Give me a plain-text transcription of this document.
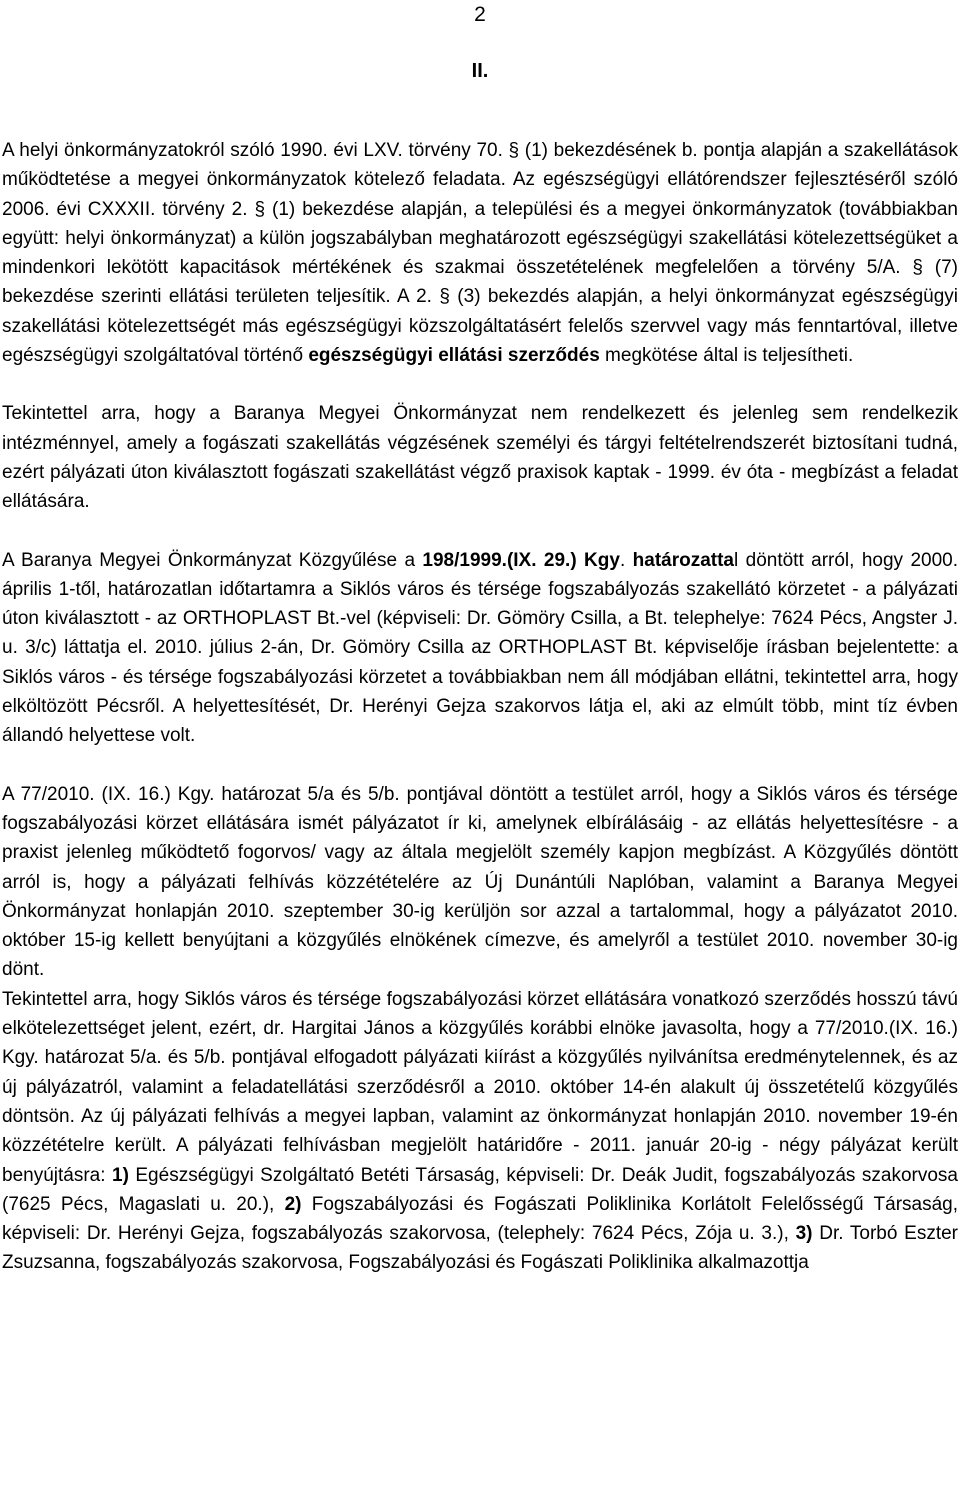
2
II.

A helyi önkormányzatokról szóló 1990. évi LXV. törvény 70. § (1) bekezdésének b. pontja alapján a szakellátások működtetése a megyei önkormányzatok kötelező feladata. Az egészségügyi ellátórendszer fejlesztéséről szóló 2006. évi CXXXII. törvény 2. § (1) bekezdése alapján, a települési és a megyei önkormányzatok (továbbiakban együtt: helyi önkormányzat) a külön jogszabályban meghatározott egészségügyi szakellátási kötelezettségüket a mindenkori lekötött kapacitások mértékének és szakmai összetételének megfelelően a törvény 5/A. § (7) bekezdése szerinti ellátási területen teljesítik. A 2. § (3) bekezdés alapján, a helyi önkormányzat egészségügyi szakellátási kötelezettségét más egészségügyi közszolgáltatásért felelős szervvel vagy más fenntartóval, illetve egészségügyi szolgáltatóval történő egészségügyi ellátási szerződés megkötése által is teljesítheti.

Tekintettel arra, hogy a Baranya Megyei Önkormányzat nem rendelkezett és jelenleg sem rendelkezik intézménnyel, amely a fogászati szakellátás végzésének személyi és tárgyi feltételrendszerét biztosítani tudná, ezért pályázati úton kiválasztott fogászati szakellátást végző praxisok kaptak - 1999. év óta - megbízást a feladat ellátására.

A Baranya Megyei Önkormányzat Közgyűlése a 198/1999.(IX. 29.) Kgy. határozattal döntött arról, hogy 2000. április 1-től, határozatlan időtartamra a Siklós város és térsége fogszabályozás szakellátó körzetet - a pályázati úton kiválasztott - az ORTHOPLAST Bt.-vel (képviseli: Dr. Gömöry Csilla, a Bt. telephelye: 7624 Pécs, Angster J. u. 3/c) láttatja el. 2010. július 2-án, Dr. Gömöry Csilla az ORTHOPLAST Bt. képviselője írásban bejelentette: a Siklós város - és térsége fogszabályozási körzetet a továbbiakban nem áll módjában ellátni, tekintettel arra, hogy elköltözött Pécsről. A helyettesítését, Dr. Herényi Gejza szakorvos látja el, aki az elmúlt több, mint tíz évben állandó helyettese volt.

A 77/2010. (IX. 16.) Kgy. határozat 5/a és 5/b. pontjával döntött a testület arról, hogy a Siklós város és térsége fogszabályozási körzet ellátására ismét pályázatot ír ki, amelynek elbírálásáig - az ellátás helyettesítésre - a praxist jelenleg működtető fogorvos/ vagy az általa megjelölt személy kapjon megbízást. A Közgyűlés döntött arról is, hogy a pályázati felhívás közzétételére az Új Dunántúli Naplóban, valamint a Baranya Megyei Önkormányzat honlapján 2010. szeptember 30-ig kerüljön sor azzal a tartalommal, hogy a pályázatot 2010. október 15-ig kellett benyújtani a közgyűlés elnökének címezve, és amelyről a testület 2010. november 30-ig dönt.

Tekintettel arra, hogy Siklós város és térsége fogszabályozási körzet ellátására vonatkozó szerződés hosszú távú elkötelezettséget jelent, ezért, dr. Hargitai János a közgyűlés korábbi elnöke javasolta, hogy a 77/2010.(IX. 16.) Kgy. határozat 5/a. és 5/b. pontjával elfogadott pályázati kiírást a közgyűlés nyilvánítsa eredménytelennek, és az új pályázatról, valamint a feladatellátási szerződésről a 2010. október 14-én alakult új összetételű közgyűlés döntsön. Az új pályázati felhívás a megyei lapban, valamint az önkormányzat honlapján 2010. november 19-én közzétételre került. A pályázati felhívásban megjelölt határidőre - 2011. január 20-ig - négy pályázat került benyújtásra: 1) Egészségügyi Szolgáltató Betéti Társaság, képviseli: Dr. Deák Judit, fogszabályozás szakorvosa (7625 Pécs, Magaslati u. 20.), 2) Fogszabályozási és Fogászati Poliklinika Korlátolt Felelősségű Társaság, képviseli: Dr. Herényi Gejza, fogszabályozás szakorvosa, (telephely: 7624 Pécs, Zója u. 3.), 3) Dr. Torbó Eszter Zsuzsanna, fogszabályozás szakorvosa, Fogszabályozási és Fogászati Poliklinika alkalmazottja
